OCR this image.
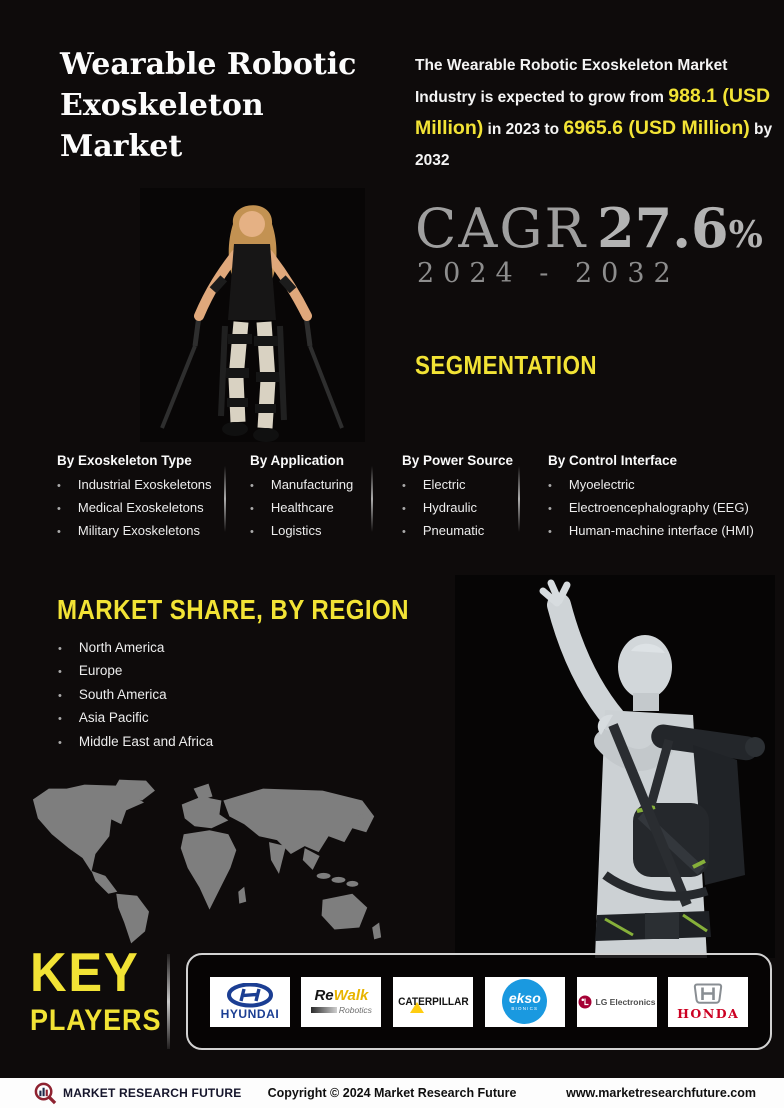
Wearable Robotic
Exoskeleton
Market
The Wearable Robotic Exoskeleton Market Industry is expected to grow from 988.1 (USD Million) in 2023 to 6965.6 (USD Million) by 2032
CAGR 27.6%
2024 - 2032
SEGMENTATION
By Exoskeleton Type
• Industrial Exoskeletons
• Medical Exoskeletons
• Military Exoskeletons
By Application
• Manufacturing
• Healthcare
• Logistics
By Power Source
• Electric
• Hydraulic
• Pneumatic
By Control Interface
• Myoelectric
• Electroencephalography (EEG)
• Human-machine interface (HMI)
MARKET SHARE, BY REGION
• North America
• Europe
• South America
• Asia Pacific
• Middle East and Africa
KEY
PLAYERS	HYUNDAI
ReWalk
Robotics
CATERPILLAR	ekso
BIONICS
LG Electronics
HONDA
MARKET RESEARCH FUTURE Copyright © 2024 Market Research Future	www.marketresearchfuture.com
